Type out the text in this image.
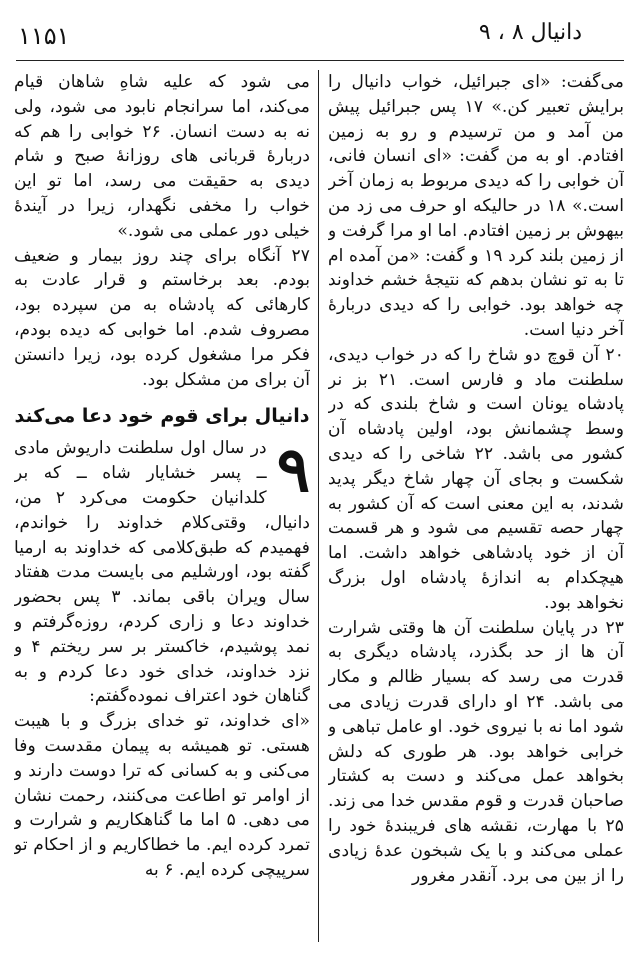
۱۱۵۱	دانیال ۸ ، ۹

می‌گفت: «ای جبرائیل، خواب دانیال را برایش تعبیر کن.» ۱۷ پس جبرائیل پیش من آمد و من ترسیدم و رو به زمین افتادم. او به من گفت: «ای انسان فانی، آن خوابی را که دیدی مربوط به زمان آخر است.» ۱۸ در حالیکه او حرف می زد من بیهوش بر زمین افتادم. اما او مرا گرفت و از زمین بلند کرد ۱۹ و گفت: «من آمده ام تا به تو نشان بدهم که نتیجهٔ خشم خداوند چه خواهد بود. خوابی را که دیدی دربارهٔ آخر دنیا است.

۲۰ آن قوچ دو شاخ را که در خواب دیدی، سلطنت ماد و فارس است. ۲۱ بز نر پادشاه یونان است و شاخ بلندی که در وسط چشمانش بود، اولین پادشاه آن کشور می باشد. ۲۲ شاخی را که دیدی شکست و بجای آن چهار شاخ دیگر پدید شدند، به این معنی است که آن کشور به چهار حصه تقسیم می شود و هر قسمت آن از خود پادشاهی خواهد داشت. اما هیچکدام به اندازهٔ پادشاه اول بزرگ نخواهد بود.

۲۳ در پایان سلطنت آن ها وقتی شرارت آن ها از حد بگذرد، پادشاه دیگری به قدرت می رسد که بسیار ظالم و مکار می باشد. ۲۴ او دارای قدرت زیادی می شود اما نه با نیروی خود. او عامل تباهی و خرابی خواهد بود. هر طوری که دلش بخواهد عمل می‌کند و دست به کشتار صاحبان قدرت و قوم مقدس خدا می زند. ۲۵ با مهارت، نقشه های فریبندهٔ خود را عملی می‌کند و با یک شبخون عدهٔ زیادی را از بین می برد. آنقدر مغرور

می شود که علیه شاهِ شاهان قیام می‌کند، اما سرانجام نابود می شود، ولی نه به دست انسان. ۲۶ خوابی را هم که دربارهٔ قربانی های روزانهٔ صبح و شام دیدی به حقیقت می رسد، اما تو این خواب را مخفی نگهدار، زیرا در آیندهٔ خیلی دور عملی می شود.»

۲۷ آنگاه برای چند روز بیمار و ضعیف بودم. بعد برخاستم و قرار عادت به کارهائی که پادشاه به من سپرده بود، مصروف شدم. اما خوابی که دیده بودم، فکر مرا مشغول کرده بود، زیرا دانستن آن برای من مشکل بود.

دانیال برای قوم خود دعا می‌کند
۹

در سال اول سلطنت داریوش مادی ــ پسر خشایار شاه ــ که بر کلدانیان حکومت می‌کرد ۲ من، دانیال، وقتی‌کلام خداوند را خواندم، فهمیدم که طبق‌کلامی که خداوند به ارمیا گفته بود، اورشلیم می بایست مدت هفتاد سال ویران باقی بماند. ۳ پس بحضور خداوند دعا و زاری کردم، روزه‌گرفتم و نمد پوشیدم، خاکستر بر سر ریختم ۴ و نزد خداوند، خدای خود دعا کردم و به گناهان خود اعتراف نموده‌گفتم:

«ای خداوند، تو خدای بزرگ و با هیبت هستی. تو همیشه به پیمان مقدست وفا می‌کنی و به کسانی که ترا دوست دارند و از اوامر تو اطاعت می‌کنند، رحمت نشان می دهی. ۵ اما ما گناهکاریم و شرارت و تمرد کرده ایم. ما خطاکاریم و از احکام تو سرپیچی کرده ایم. ۶ به
